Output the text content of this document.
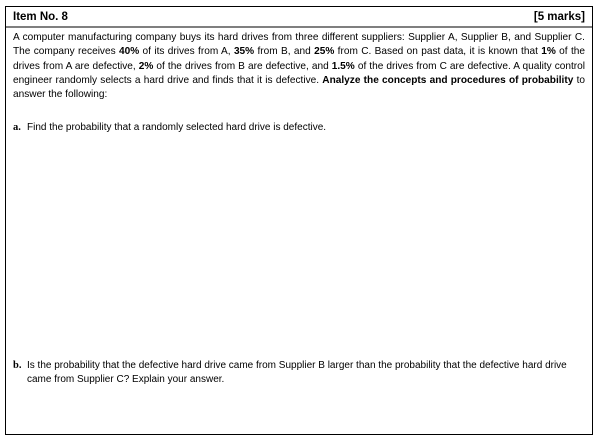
Item No. 8	[5 marks]
A computer manufacturing company buys its hard drives from three different suppliers: Supplier A, Supplier B, and Supplier C. The company receives 40% of its drives from A, 35% from B, and 25% from C. Based on past data, it is known that 1% of the drives from A are defective, 2% of the drives from B are defective, and 1.5% of the drives from C are defective. A quality control engineer randomly selects a hard drive and finds that it is defective. Analyze the concepts and procedures of probability to answer the following:
a. Find the probability that a randomly selected hard drive is defective.
b. Is the probability that the defective hard drive came from Supplier B larger than the probability that the defective hard drive came from Supplier C? Explain your answer.
